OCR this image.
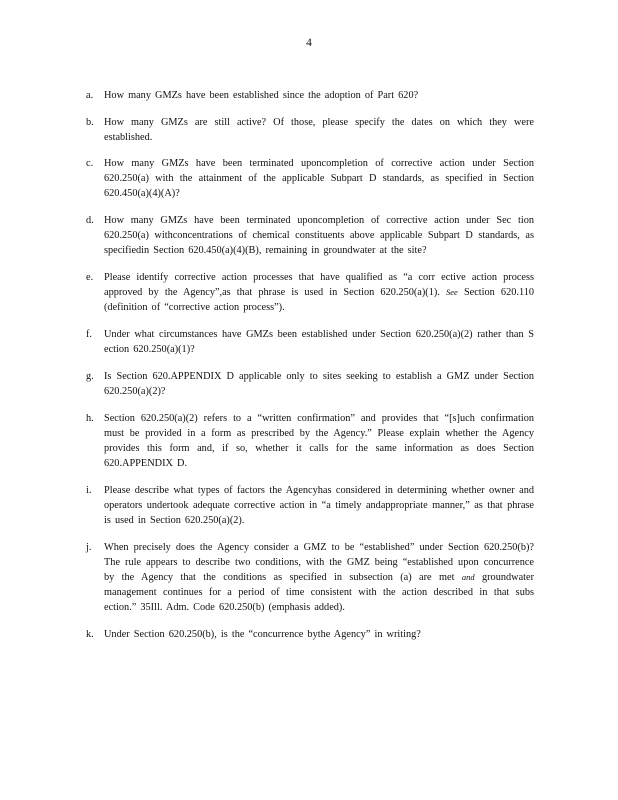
4
a. How many GMZs have been established since the adoption of Part 620?
b. How many GMZs are still active? Of those, please specify the dates on which they were established.
c. How many GMZs have been terminated uponcompletion of corrective action under Section 620.250(a) with the attainment of the applicable Subpart D standards, as specified in Section 620.450(a)(4)(A)?
d. How many GMZs have been terminated uponcompletion of corrective action under Sec tion 620.250(a) withconcentrations of chemical constituents above applicable Subpart D standards, as specifiedin Section 620.450(a)(4)(B), remaining in groundwater at the site?
e. Please identify corrective action processes that have qualified as “a corr ective action process approved by the Agency”,as that phrase is used in Section 620.250(a)(1). See Section 620.110 (definition of “corrective action process”).
f. Under what circumstances have GMZs been established under Section 620.250(a)(2) rather than S ection 620.250(a)(1)?
g. Is Section 620.APPENDIX D applicable only to sites seeking to establish a GMZ under Section 620.250(a)(2)?
h. Section 620.250(a)(2) refers to a “written confirmation” and provides that “[s]uch confirmation must be provided in a form as prescribed by the Agency.” Please explain whether the Agency provides this form and, if so, whether it calls for the same information as does Section 620.APPENDIX D.
i. Please describe what types of factors the Agencyhas considered in determining whether owner and operators undertook adequate corrective action in “a timely andappropriate manner,” as that phrase is used in Section 620.250(a)(2).
j. When precisely does the Agency consider a GMZ to be “established” under Section 620.250(b)? The rule appears to describe two conditions, with the GMZ being “established upon concurrence by the Agency that the conditions as specified in subsection (a) are met and groundwater management continues for a period of time consistent with the action described in that subs ection.” 35Ill. Adm. Code 620.250(b) (emphasis added).
k. Under Section 620.250(b), is the “concurrence bythe Agency” in writing?
